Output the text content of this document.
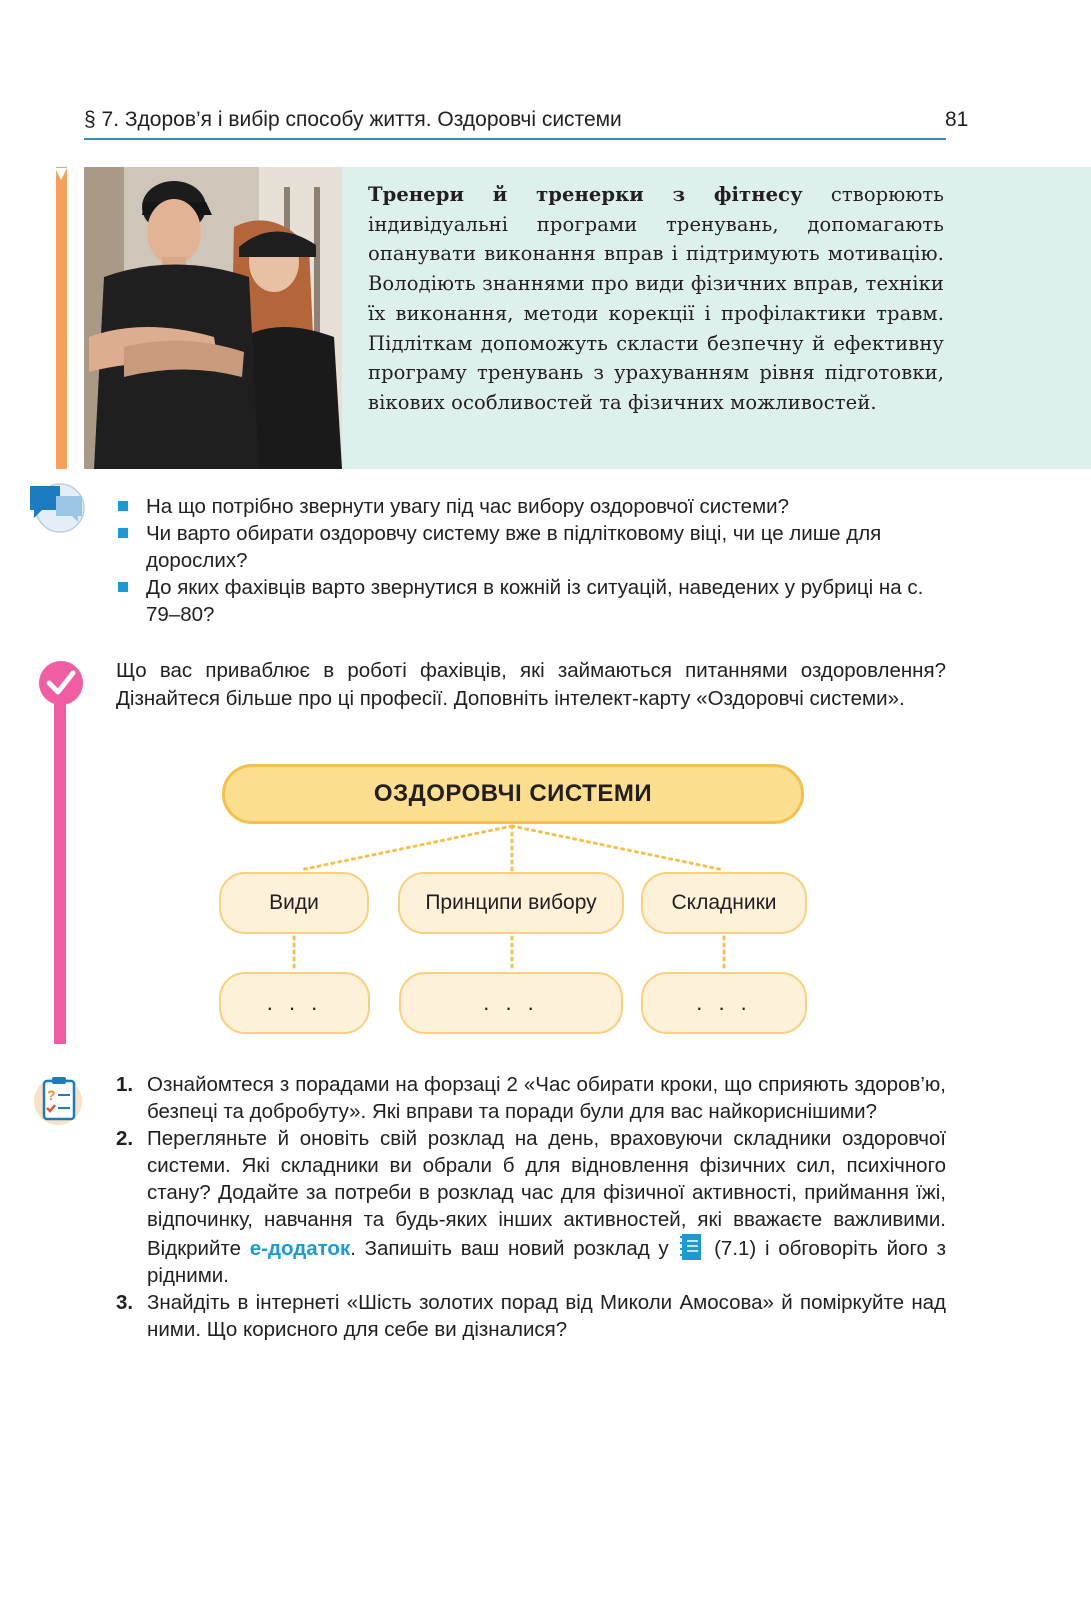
§ 7. Здоров’я і вибір способу життя. Оздоровчі системи	81
Тренери й тренерки з фітнесу створюють індивідуальні програми тренувань, допомагають опанувати виконання вправ і підтримують мотивацію. Володіють знаннями про види фізичних вправ, техніки їх виконання, методи корекції і профілактики травм. Підліткам допоможуть скласти безпечну й ефективну програму тренувань з урахуванням рівня підготовки, вікових особливостей та фізичних можливостей.
На що потрібно звернути увагу під час вибору оздоровчої системи?
Чи варто обирати оздоровчу систему вже в підлітковому віці, чи це лише для дорослих?
До яких фахівців варто звернутися в кожній із ситуацій, наведених у рубриці на с. 79–80?
Що вас приваблює в роботі фахівців, які займаються питаннями оздоровлення? Дізнайтеся більше про ці професії. Доповніть інтелект-карту «Оздоровчі системи».
ОЗДОРОВЧІ СИСТЕМИ
Види	Принципи вибору	Складники
. . .	. . .	. . .
?	1. Ознайомтеся з порадами на форзаці 2 «Час обирати кроки, що сприяють здоров’ю, безпеці та добробуту». Які вправи та поради були для вас найкориснішими?
2. Перегляньте й оновіть свій розклад на день, враховуючи складники оздоровчої системи. Які складники ви обрали б для відновлення фізичних сил, психічного стану? Додайте за потреби в розклад час для фізичної активності, приймання їжі, відпочинку, навчання та будь-яких інших активностей, які вважаєте важливими. Відкрийте е-додаток. Запишіть ваш новий розклад у  (7.1) і обговоріть його з рідними.
3. Знайдіть в інтернеті «Шість золотих порад від Миколи Амосова» й поміркуйте над ними. Що корисного для себе ви дізналися?
